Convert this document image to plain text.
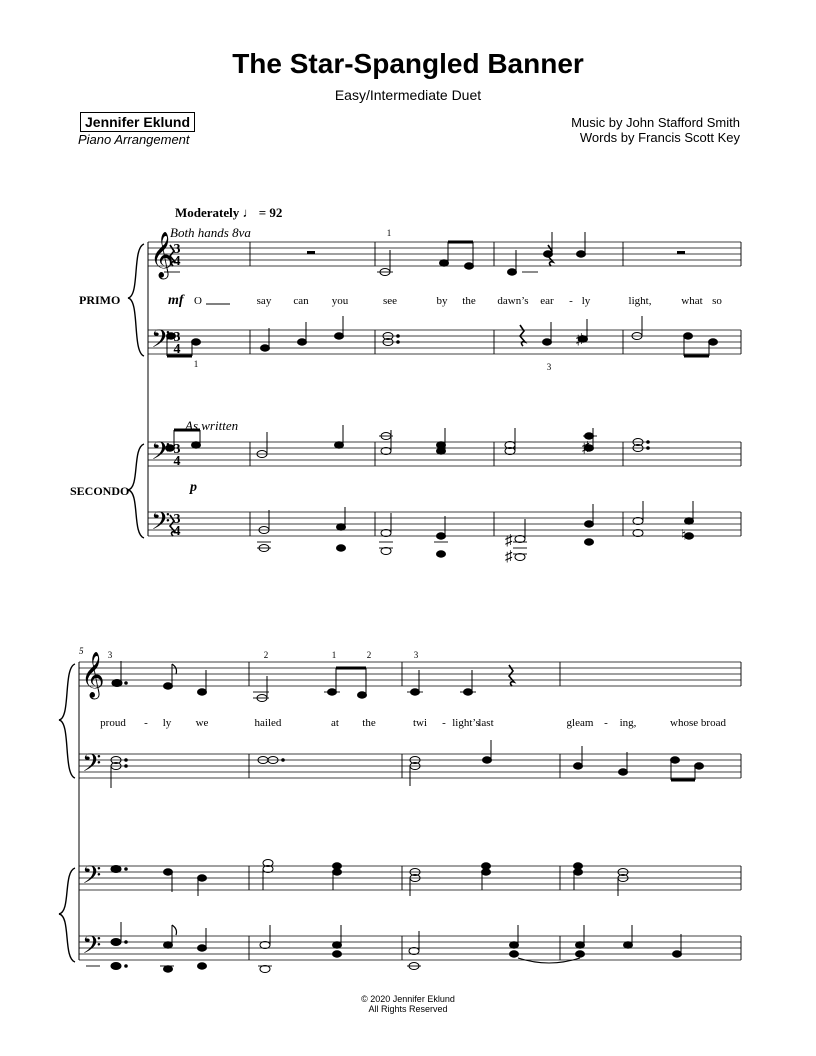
The Star-Spangled Banner
Easy/Intermediate Duet
Jennifer Eklund
Piano Arrangement
Music by John Stafford Smith
Words by Francis Scott Key
Moderately ♩ = 92
Both hands 8va
As written
PRIMO
SECONDO
𝄞
𝄢
𝄢
𝄢
𝄞
𝄢
𝄢
𝄢
♯
♯
♯
♯
♮
3
4
3
4
3
4
3
4
O	say can you	see	by the dawn’s ear - ly	light,	what so
proud - ly we	hailed	at the	twi - light’s
last	gleam - ing,	whose broad
1
1	3
3	2	1	2	3
mf
p
5
© 2020 Jennifer Eklund
All Rights Reserved
